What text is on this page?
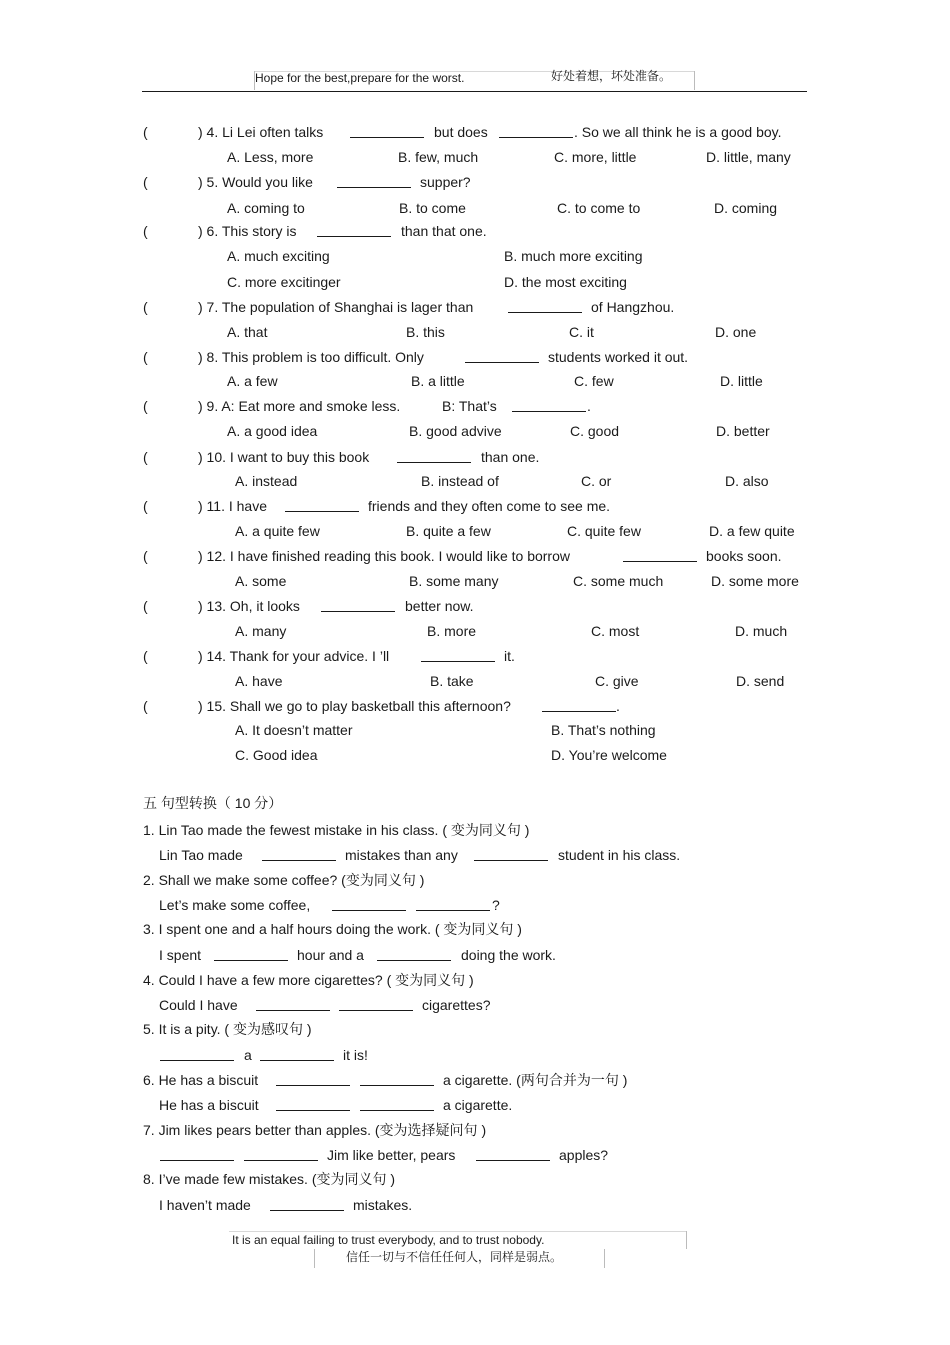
Hope for the best,prepare for the worst.	好处着想，坏处准备。
(	) 4. Li Lei often talks	but does	. So we all think he is a good boy.
A. Less, more	B. few, much	C. more, little	D. little, many
(	) 5. Would you like	supper?
A. coming to	B. to come	C. to come to	D. coming
(	) 6. This story is	than that one.
A. much exciting	B. much more exciting
C. more excitinger	D. the most exciting
(	) 7. The population of Shanghai is lager than	of Hangzhou.
A. that	B. this	C. it	D. one
(	) 8. This problem is too difficult. Only	students worked it out.
A. a few	B. a little	C. few	D. little
(	) 9. A: Eat more and smoke less.	B: That’s	.
A. a good idea	B. good advive	C. good	D. better
(	) 10. I want to buy this book	than one.
A. instead	B. instead of	C. or	D. also
(	) 11. I have	friends and they often come to see me.
A. a quite few	B. quite a few	C. quite few	D. a few quite
(	) 12. I have finished reading this book. I would like to borrow	books soon.
A. some	B. some many	C. some much	D. some more
(	) 13. Oh, it looks	better now.
A. many	B. more	C. most	D. much
(	) 14. Thank for your advice. I ’ll	it.
A. have	B. take	C. give	D. send
(	) 15. Shall we go to play basketball this afternoon?	.
A. It doesn’t matter	B. That’s nothing
C. Good idea	D. You’re welcome
五 句型转换（ 10 分）
1. Lin Tao made the fewest mistake in his class. ( 变为同义句 )
Lin Tao made	mistakes than any	student in his class.
2. Shall we make some coffee? (变为同义句 )
Let’s make some coffee,	?
3. I spent one and a half hours doing the work. ( 变为同义句 )
I spent	hour and a	doing the work.
4. Could I have a few more cigarettes? ( 变为同义句 )
Could I have	cigarettes?
5. It is a pity. ( 变为感叹句 )
a	it is!
6. He has a biscuit	a cigarette. (两句合并为一句 )
He has a biscuit	a cigarette.
7. Jim likes pears better than apples. (变为选择疑问句 )
Jim like better, pears	apples?
8. I’ve made few mistakes. (变为同义句 )
I haven’t made	mistakes.
It is an equal failing to trust everybody, and to trust nobody.
信任一切与不信任任何人，同样是弱点。
